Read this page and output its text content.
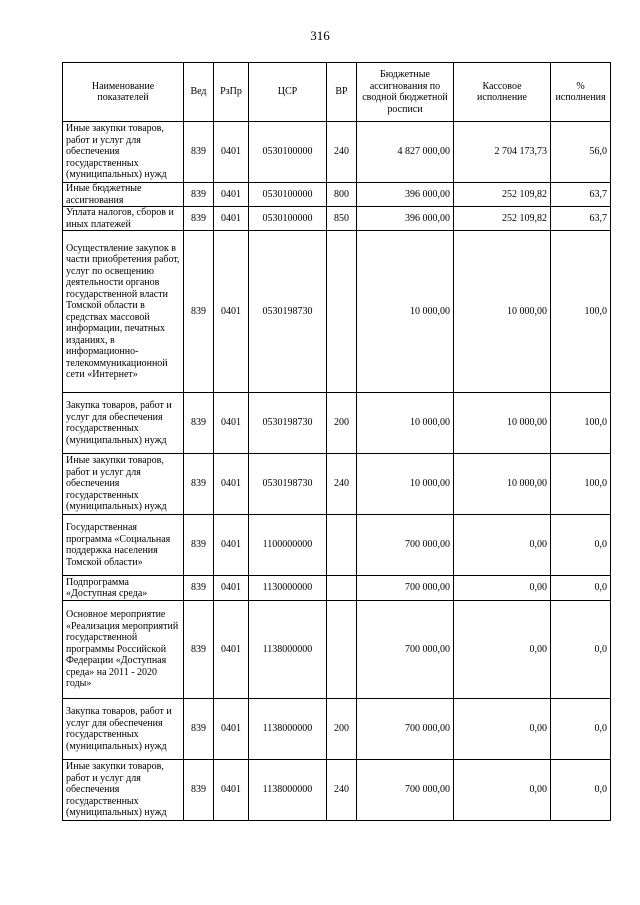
316
Наименование показателей	Вед	РзПр	ЦСР	ВР	Бюджетные ассигнования по сводной бюджетной росписи	Кассовое исполнение	% исполнения
Иные закупки товаров, работ и услуг для обеспечения государственных (муниципальных) нужд	839	0401	0530100000	240	4 827 000,00	2 704 173,73	56,0
Иные бюджетные ассигнования	839	0401	0530100000	800	396 000,00	252 109,82	63,7
Уплата налогов, сборов и иных платежей	839	0401	0530100000	850	396 000,00	252 109,82	63,7
Осуществление закупок в части приобретения работ, услуг по освещению деятельности органов государственной власти Томской области в средствах массовой информации, печатных изданиях, в информационно-телекоммуникационной сети «Интернет»	839	0401	0530198730		10 000,00	10 000,00	100,0
Закупка товаров, работ и услуг для обеспечения государственных (муниципальных) нужд	839	0401	0530198730	200	10 000,00	10 000,00	100,0
Иные закупки товаров, работ и услуг для обеспечения государственных (муниципальных) нужд	839	0401	0530198730	240	10 000,00	10 000,00	100,0
Государственная программа «Социальная поддержка населения Томской области»	839	0401	1100000000		700 000,00	0,00	0,0
Подпрограмма «Доступная среда»	839	0401	1130000000		700 000,00	0,00	0,0
Основное мероприятие «Реализация мероприятий государственной программы Российской Федерации «Доступная среда» на 2011 - 2020 годы»	839	0401	1138000000		700 000,00	0,00	0,0
Закупка товаров, работ и услуг для обеспечения государственных (муниципальных) нужд	839	0401	1138000000	200	700 000,00	0,00	0,0
Иные закупки товаров, работ и услуг для обеспечения государственных (муниципальных) нужд	839	0401	1138000000	240	700 000,00	0,00	0,0
